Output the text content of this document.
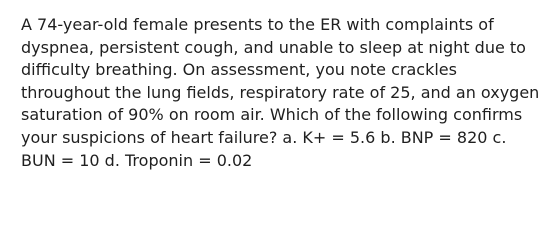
A 74-year-old female presents to the ER with complaints of dyspnea, persistent cough, and unable to sleep at night due to difficulty breathing. On assessment, you note crackles throughout the lung fields, respiratory rate of 25, and an oxygen saturation of 90% on room air. Which of the following confirms your suspicions of heart failure? a. K+ = 5.6 b. BNP = 820 c. BUN = 10 d. Troponin = 0.02
